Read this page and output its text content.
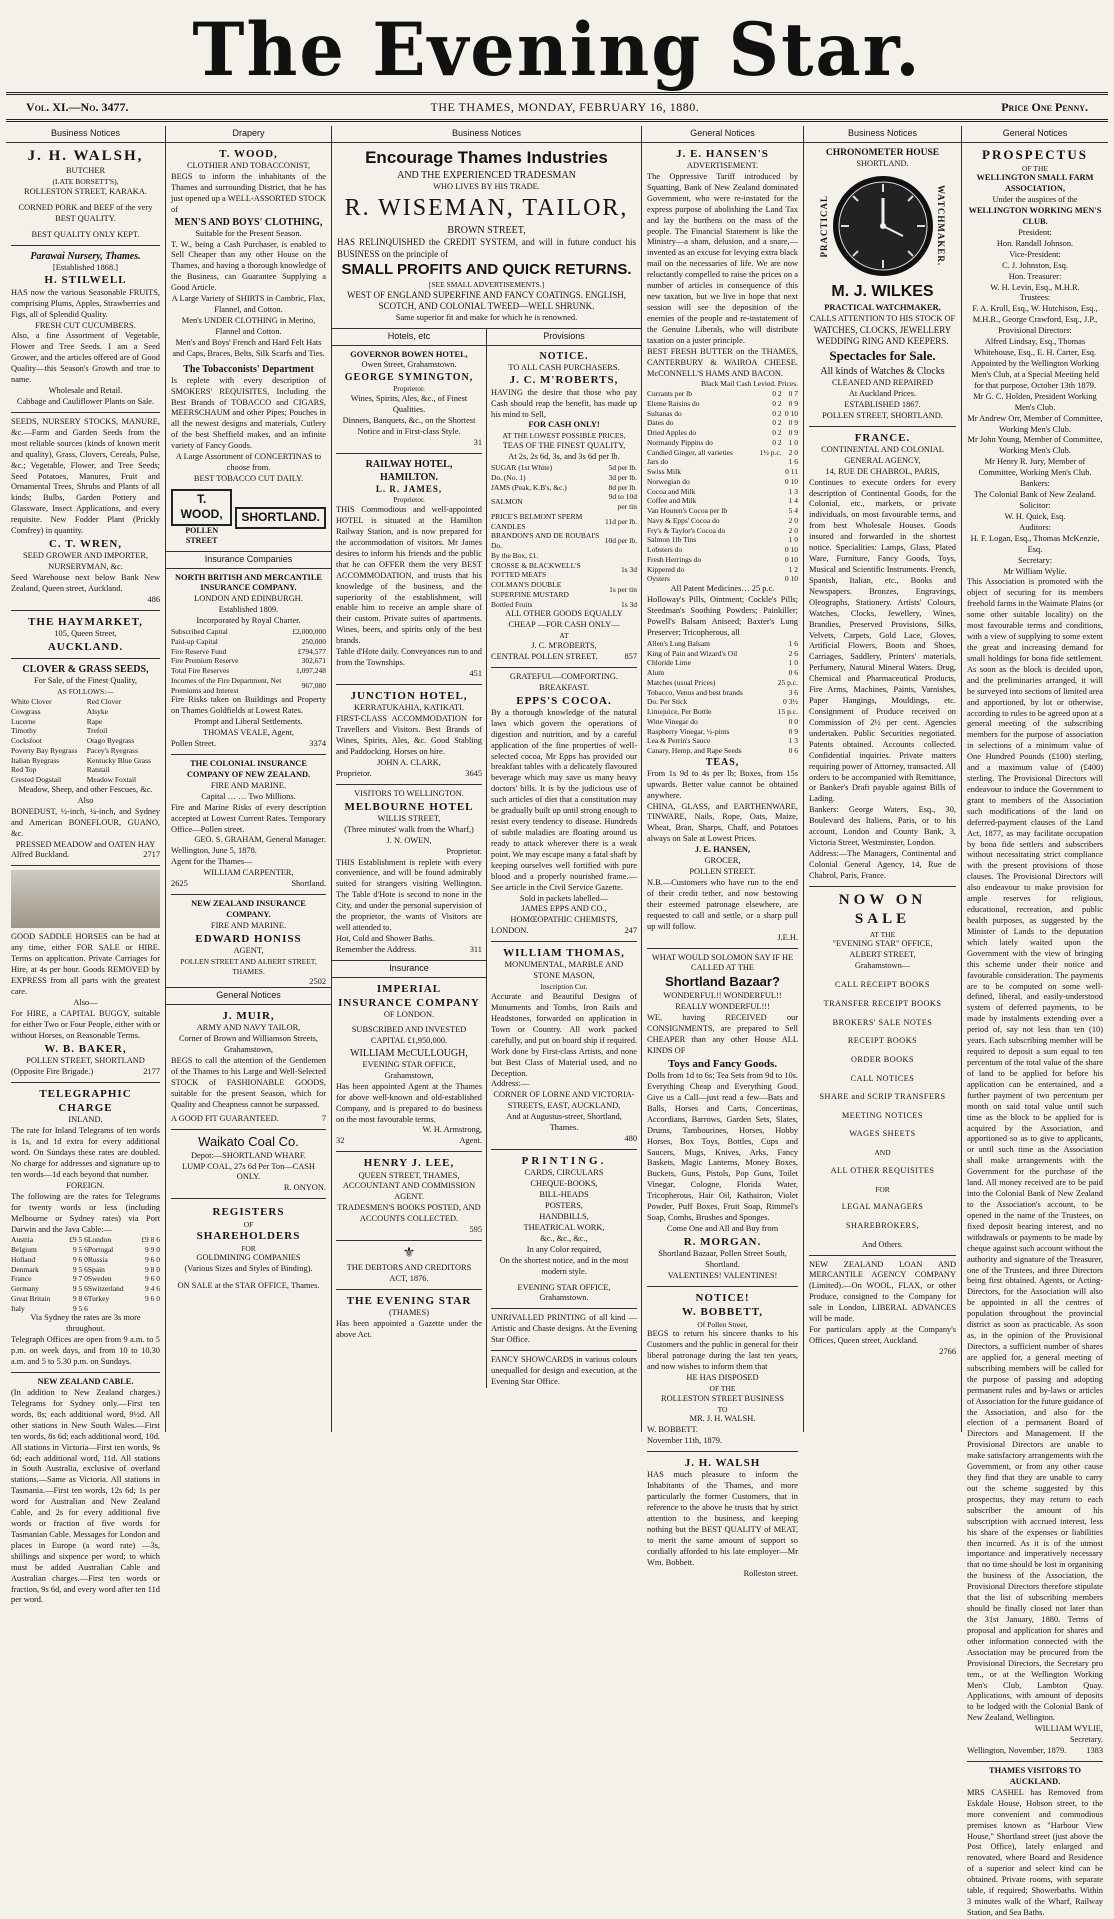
The Evening Star.
Vol. XI.—No. 3477.	THE THAMES, MONDAY, FEBRUARY 16, 1880.	Price One Penny.
Business Notices
J. H. WALSH,
BUTCHER
(LATE BORSETT'S),
ROLLESTON STREET, KARAKA.
CORNED PORK and BEEF of the very BEST QUALITY.
BEST QUALITY ONLY KEPT.
Parawai Nursery, Thames.
[Established 1868.]
H. STILWELL
HAS now the various Seasonable FRUITS, comprising Plums, Apples, Strawberries and Figs, all of Splendid Quality.
FRESH CUT CUCUMBERS.
Also, a fine Assortment of Vegetable, Flower and Tree Seeds. I am a Seed Grower, and the articles offered are of Good Quality—this Season's Growth and true to name.
Wholesale and Retail.
Cabbage and Cauliflower Plants on Sale.
SEEDS, NURSERY STOCKS, MANURE, &c.—Farm and Garden Seeds from the most reliable sources (kinds of known merit and quality), Grass, Clovers, Cereals, Pulse, &c.; Vegetable, Flower, and Tree Seeds; Seed Potatoes, Manures, Fruit and Ornamental Trees, Shrubs and Plants of all kinds; Bulbs, Garden Pottery and Glassware, Insect Applications, and every requisite. New Fodder Plant (Prickly Comfrey) in quantity.
C. T. WREN,
SEED GROWER AND IMPORTER, NURSERYMAN, &c.
Seed Warehouse next below Bank New Zealand, Queen street, Auckland.
486
THE HAYMARKET,
105, Queen Street,
AUCKLAND.
CLOVER & GRASS SEEDS,
For Sale, of the Finest Quality,
AS FOLLOWS:—
White Clover	Red Clover
Cowgrass	Alsyke
Lucerne	Rape
Timothy	Trefoil
Cocksfoot	Otago Ryegrass
Poverty Bay Ryegrass	Pacey's Ryegrass
Italian Ryegrass	Kentucky Blue Grass
Red Top	Ratstail
Crested Dogstail	Meadow Foxtail
Meadow, Sheep, and other Fescues, &c.
Also
BONEDUST, ½-inch, ¼-inch, and Sydney and American BONEFLOUR, GUANO, &c.
PRESSED MEADOW and OATEN HAY
Alfred Buckland.	2717
GOOD SADDLE HORSES can be had at any time, either FOR SALE or HIRE. Terms on application. Private Carriages for Hire, at 4s per hour. Goods REMOVED by EXPRESS from all parts with the greatest care.
Also—
For HIRE, a CAPITAL BUGGY, suitable for either Two or Four People, either with or without Horses, on Reasonable Terms.
W. B. BAKER,
POLLEN STREET, SHORTLAND
(Opposite Fire Brigade.)	2177
TELEGRAPHIC CHARGE
INLAND.
The rate for Inland Telegrams of ten words is 1s, and 1d extra for every additional word. On Sundays these rates are doubled. No charge for addresses and signature up to ten words—1d each beyond that number.
FOREIGN.
The following are the rates for Telegrams for twenty words or less (including Melbourne or Sydney rates) via Port Darwin and the Java Cable:—
Austria	£9 5 6	London	£9 8 6
Belgium	9 5 6	Portugal	9 9 0
Holland	9 6 0	Russia	9 6 0
Denmark	9 5 6	Spain	9 8 0
France	9 7 0	Sweden	9 6 0
Germany	9 5 6	Switzerland	9 4 6
Great Britain	9 8 6	Turkey	9 6 0
Italy	9 5 6		
Via Sydney the rates are 3s more throughout.
Telegraph Offices are open from 9 a.m. to 5 p.m. on week days, and from 10 to 10.30 a.m. and 5 to 5.30 p.m. on Sundays.
NEW ZEALAND CABLE.
(In addition to New Zealand charges.) Telegrams for Sydney only.—First ten words, 8s; each additional word, 9½d. All other stations in New South Wales.—First ten words, 8s 6d; each additional word, 10d. All stations in Victoria—First ten words, 9s 6d; each additional word, 11d. All stations in South Australia, exclusive of overland stations.—Same as Victoria. All stations in Tasmania.—First ten words, 12s 6d; 1s per word for Australian and New Zealand Cable, and 2s for every additional five words or fraction of five words for Tasmanian Cable. Messages for London and places in Europe (a word rate) —3s, shillings and sixpence per word; to which must be added Australian Cable and Australian charges.—First ten words or fraction, 9s 6d, and every word after ten 11d per word.
Drapery
T. WOOD,
CLOTHIER AND TOBACCONIST,
BEGS to inform the inhabitants of the Thames and surrounding District, that he has just opened up a WELL-ASSORTED STOCK of
MEN'S AND BOYS' CLOTHING,
Suitable for the Present Season.
T. W., being a Cash Purchaser, is enabled to Sell Cheaper than any other House on the Thames, and having a thorough knowledge of the Business, can Guarantee Supplying a Good Article.
A Large Variety of SHIRTS in Cambric, Flax, Flannel, and Cotton.
Men's UNDER CLOTHING in Merino, Flannel and Cotton.
Men's and Boys' French and Hard Felt Hats and Caps, Braces, Belts, Silk Scarfs and Ties.
The Tobacconists' Department
Is replete with every description of SMOKERS' REQUISITES, Including the Best Brands of TOBACCO and CIGARS, MEERSCHAUM and other Pipes; Pouches in all the newest designs and materials, Cutlery of the best Sheffield makes, and an infinite variety of Fancy Goods.
A Large Assortment of CONCERTINAS to choose from.
BEST TOBACCO CUT DAILY.
T. WOOD,
POLLEN STREET
SHORTLAND.
Insurance Companies
NORTH BRITISH AND MERCANTILE INSURANCE COMPANY.
LONDON AND EDINBURGH.
Established 1809.
Incorporated by Royal Charter.
Subscribed Capital	£2,000,000
Paid-up Capital	250,000
Fire Reserve Fund	£794,577
Fire Premium Reserve	302,671
Total Fire Reserves	1,097,248
Incomes of the Fire Department, Net Premiums and Interest	967,080
Fire Risks taken on Buildings and Property on Thames Goldfields at Lowest Rates.
Prompt and Liberal Settlements.
THOMAS VEALE, Agent,
Pollen Street.	3374
THE COLONIAL INSURANCE COMPANY OF NEW ZEALAND.
FIRE AND MARINE.
Capital … … Two Millions.
Fire and Marine Risks of every description accepted at Lowest Current Rates. Temporary Office—Pollen street.
GEO. S. GRAHAM, General Manager.
Wellington, June 5, 1878.
Agent for the Thames—
WILLIAM CARPENTER,
2625	Shortland.
NEW ZEALAND INSURANCE COMPANY.
FIRE AND MARINE.
EDWARD HONISS
AGENT,
POLLEN STREET AND ALBERT STREET, THAMES.
2502
General Notices
J. MUIR,
ARMY AND NAVY TAILOR,
Corner of Brown and Williamson Streets, Grahamstown,
BEGS to call the attention of the Gentlemen of the Thames to his Large and Well-Selected STOCK of FASHIONABLE GOODS, suitable for the present Season, which for Quality and Cheapness cannot be surpassed.
A GOOD FIT GUARANTEED.	7
Waikato Coal Co.
Depot:—SHORTLAND WHARF.
LUMP COAL, 27s 6d Per Ton—CASH ONLY.
R. ONYON.
REGISTERS
OF
SHAREHOLDERS
FOR
GOLDMINING COMPANIES
(Various Sizes and Styles of Binding).
ON SALE at the STAR OFFICE, Thames.
Business Notices
Encourage Thames Industries
AND THE EXPERIENCED TRADESMAN
WHO LIVES BY HIS TRADE.
R. WISEMAN, TAILOR,
BROWN STREET,
HAS RELINQUISHED the CREDIT SYSTEM, and will in future conduct his BUSINESS on the principle of
SMALL PROFITS AND QUICK RETURNS.
[SEE SMALL ADVERTISEMENTS.]
WEST OF ENGLAND SUPERFINE AND FANCY COATINGS. ENGLISH, SCOTCH, AND COLONIAL TWEED—WELL SHRUNK.
Same superior fit and make for which he is renowned.
Hotels, etc
GOVERNOR BOWEN HOTEL,
Owen Street, Grahamstown.
GEORGE SYMINGTON,
Proprietor.
Wines, Spirits, Ales, &c., of Finest Qualities.
Dinners, Banquets, &c., on the Shortest Notice and in First-class Style.
31
RAILWAY HOTEL, HAMILTON.
L. R. JAMES,
Proprietor.
THIS Commodious and well-appointed HOTEL is situated at the Hamilton Railway Station, and is now prepared for the accommodation of visitors. Mr James desires to inform his friends and the public that he can OFFER them the very BEST ACCOMMODATION, and trusts that his knowledge of the business, and the superiority of the establishment, will enable him to receive an ample share of their custom. Private suites of apartments. Wines, beers, and spirits only of the best brands.
Table d'Hote daily. Conveyances run to and from the Townships.
451
JUNCTION HOTEL,
KERRATUKAHIA, KATIKATI.
FIRST-CLASS ACCOMMODATION for Travellers and Visitors. Best Brands of Wines, Spirits, Ales, &c. Good Stabling and Paddocking. Horses on hire.
JOHN A. CLARK,
Proprietor.	3645
VISITORS TO WELLINGTON.
MELBOURNE HOTEL
WILLIS STREET,
(Three minutes' walk from the Wharf,)
J. N. OWEN,
Proprietor.
THIS Establishment is replete with every convenience, and will be found admirably suited for strangers visiting Wellington. The Table d'Hote is second to none in the City, and under the personal supervision of the proprietor, the wants of Visitors are well attended to.
Hot, Cold and Shower Baths.
Remember the Address.	311
Insurance
IMPERIAL
INSURANCE COMPANY
OF LONDON.
SUBSCRIBED AND INVESTED
CAPITAL £1,950,000.
WILLIAM McCULLOUGH,
EVENING STAR OFFICE,
Grahamstown,
Has been appointed Agent at the Thames for above well-known and old-established Company, and is prepared to do business on the most favourable terms.
W. H. Armstrong,
32	Agent.
HENRY J. LEE,
QUEEN STREET, THAMES,
ACCOUNTANT AND COMMISSION AGENT.
TRADESMEN'S BOOKS POSTED, AND ACCOUNTS COLLECTED.
595
⚜
THE DEBTORS AND CREDITORS
ACT, 1876.
THE EVENING STAR
(THAMES)
Has been appointed a Gazette under the above Act.
Provisions
NOTICE.
TO ALL CASH PURCHASERS.
J. C. M'ROBERTS,
HAVING the desire that those who pay Cash should reap the benefit, has made up his mind to Sell,
FOR CASH ONLY!
AT THE LOWEST POSSIBLE PRICES,
TEAS OF THE FINEST QUALITY,
At 2s, 2s 6d, 3s, and 3s 6d per lb.
SUGAR (1st White)	5d per lb.
Do. (No. 1)	3d per lb.
JAMS (Peak, K.B's, &c.)	8d per lb.
SALMON	9d to 10d per tin
PRICE'S BELMONT SPERM CANDLES	11d per lb.
BRANDON'S AND DE ROUBAI'S Do.	10d per lb.
By the Box, £1.	
CROSSE & BLACKWELL'S POTTED MEATS	1s 3d
COLMAN'S DOUBLE SUPERFINE MUSTARD	1s per tin
Bottled Fruits	1s 3d
ALL OTHER GOODS EQUALLY CHEAP —FOR CASH ONLY—
AT
J. C. M'ROBERTS,
CENTRAL POLLEN STREET.	857
GRATEFUL—COMFORTING.
BREAKFAST.
EPPS'S COCOA.
By a thorough knowledge of the natural laws which govern the operations of digestion and nutrition, and by a careful application of the fine properties of well-selected cocoa, Mr Epps has provided our breakfast tables with a delicately flavoured beverage which may save us many heavy doctors' bills. It is by the judicious use of such articles of diet that a constitution may be gradually built up until strong enough to resist every tendency to disease. Hundreds of subtle maladies are floating around us ready to attack wherever there is a weak point. We may escape many a fatal shaft by keeping ourselves well fortified with pure blood and a properly nourished frame.—See article in the Civil Service Gazette.
Sold in packets labelled—
JAMES EPPS AND CO.,
HOMŒOPATHIC CHEMISTS,
LONDON.	247
WILLIAM THOMAS,
MONUMENTAL, MARBLE AND STONE MASON,
Inscription Cut.
Accurate and Beautiful Designs of Monuments and Tombs, Iron Rails and Headstones, forwarded on application in Town or Country. All work packed carefully, and put on board ship if required. Work done by First-class Artists, and none but Best Class of Material used, and no Deception.
Address:—
CORNER OF LORNE AND VICTORIA-STREETS, EAST, AUCKLAND,
And at Augustus-street, Shortland, Thames.
480
PRINTING.
CARDS, CIRCULARS
CHEQUE-BOOKS,
BILL-HEADS
POSTERS,
HANDBILLS,
THEATRICAL WORK,
&c., &c., &c.,
In any Color required,
On the shortest notice, and in the most
modern style.
EVENING STAR OFFICE,
Grahamstown.
UNRIVALLED PRINTING of all kind —Artistic and Chaste designs. At the Evening Star Office.
FANCY SHOWCARDS in various colours unequalled for design and execution, at the Evening Star Office.
General Notices
J. E. HANSEN'S
ADVERTISEMENT.
The Oppressive Tariff introduced by Squatting, Bank of New Zealand dominated Government, who were re-instated for the express purpose of abolishing the Land Tax and lay the burthens on the mass of the people. The Financial Statement is like the Ministry—a sham, delusion, and a snare,—invented as an excuse for levying extra black mail on the necessaries of life. We are now reluctantly compelled to raise the prices on a number of articles in consequence of this new taxation, but we live in hope that next session will see the deposition of the enemies of the people and re-instatement of the Genuine Liberals, who will distribute taxation on a juster principle.
BEST FRESH BUTTER on the THAMES, CANTERBURY & WAIROA CHEESE. McCONNELL'S HAMS AND BACON.
Black Mail Cash Levied. Prices.
Currants per lb	0 2	0 7
Eleme Raisins do	0 2	0 9
Sultanas do	0 2	0 10
Dates do	0 2	0 9
Dried Apples do	0 2	0 9
Normandy Pippins do	0 2	1 0
Candied Ginger, all varieties	1½ p.c.	2 0
Jars do		1 6
Swiss Milk		0 11
Norwegian do		0 10
Cocoa and Milk		1 3
Coffee and Milk		1 4
Van Houten's Cocoa per lb		5 4
Navy & Epps' Cocoa do		2 0
Fry's & Taylor's Cocoa do		2 0
Salmon 1lb Tins		1 0
Lobsters do		0 10
Fresh Herrings do		0 10
Kippered do		1 2
Oysters		0 10
All Patent Medicines… 25 p.c.
Holloway's Pills, Ointment; Cockle's Pills; Steedman's Soothing Powders; Painkiller; Powell's Balsam Aniseed; Baxter's Lung Preserver; Tricopherous, all
Allen's Lung Balsam	1 6
King of Pain and Wizard's Oil	2 6
Chloride Lime	1 0
Alum	0 6
Matches (usual Prices)	25 p.c.
Tobacco, Venus and best brands	3 6
Do. Per Stick	0 3½
Limejuice, Per Bottle	15 p.c.
Wine Vinegar do	0 0
Raspberry Vinegar, ½-pints	0 9
Lea & Perrin's Sauce	1 3
Canary, Hemp, and Rape Seeds	0 6
TEAS,
From 1s 9d to 4s per lb; Boxes, from 15s upwards. Better value cannot be obtained anywhere.
CHINA, GLASS, and EARTHENWARE, TINWARE, Nails, Rope, Oats, Maize, Wheat, Bran, Sharps, Chaff, and Potatoes always on Sale at Lowest Prices.
J. E. HANSEN,
GROCER,
POLLEN STREET.
N.B.—Customers who have run to the end of their credit tether, and now bestowing their esteemed patronage elsewhere, are requested to call and settle, or a sharp pull up will follow.
J.E.H.
WHAT WOULD SOLOMON SAY IF HE CALLED AT THE
Shortland Bazaar?
WONDERFUL!! WONDERFUL!! REALLY WONDERFUL!!!
WE, having RECEIVED our CONSIGNMENTS, are prepared to Sell CHEAPER than any other House ALL KINDS OF
Toys and Fancy Goods.
Dolls from 1d to 6s; Tea Sets from 9d to 10s. Everything Cheap and Everything Good. Give us a Call—just read a few—Bats and Balls, Horses and Carts, Concertinas, Accordians, Barrows, Garden Sets, Slates, Drums, Tambourines, Horses, Hobby Horses, Box Toys, Bottles, Cups and Saucers, Mugs, Knives, Arks, Fancy Baskets, Magic Lanterns, Money Boxes, Buckets, Guns, Pistols, Pop Guns, Toilet Vinegar, Cologne, Florida Water, Tricopherous, Hair Oil, Kathairon, Violet Powder, Puff Boxes, Fruit Soap, Rimmel's Soap, Combs, Brushes and Sponges.
Come One and All and Buy from
R. MORGAN.
Shortland Bazaar, Pollen Street South, Shortland.
VALENTINES! VALENTINES!
NOTICE!
W. BOBBETT,
Of Pollen Street,
BEGS to return his sincere thanks to his Customers and the public in general for their liberal patronage during the last ten years, and now wishes to inform them that
HE HAS DISPOSED
OF THE
ROLLESTON STREET BUSINESS
TO
MR. J. H. WALSH.
W. BOBBETT.
November 11th, 1879.
J. H. WALSH
HAS much pleasure to inform the Inhabitants of the Thames, and more particularly the former Customers, that in reference to the above he trusts that by strict attention to the business, and keeping nothing but the BEST QUALITY of MEAT, to merit the same amount of support so cordially afforded to his late employer—Mr Wm. Bobbett.
Rolleston street.
Business Notices
CHRONOMETER HOUSE
SHORTLAND.
PRACTICAL	WATCHMAKER.
M. J. WILKES
PRACTICAL WATCHMAKER,
CALLS ATTENTION TO HIS STOCK OF
WATCHES, CLOCKS, JEWELLERY WEDDING RING AND KEEPERS.
Spectacles for Sale.
All kinds of Watches & Clocks
CLEANED AND REPAIRED
At Auckland Prices.
ESTABLISHED 1867.
POLLEN STREET, SHORTLAND.
FRANCE.
CONTINENTAL AND COLONIAL GENERAL AGENCY,
14, RUE DE CHABROL, PARIS,
Continues to execute orders for every description of Continental Goods, for the Colonial, etc., markets, or private individuals, on most favourable terms, and from best Wholesale Houses. Goods insured and forwarded in the shortest notice. Specialities: Lamps, Glass, Plated Ware, Furniture, Fancy Goods, Toys, Musical and Scientific Instruments. French, Spanish, Italian, etc., Books and Newspapers. Bronzes, Engravings, Oleographs, Stationery. Artists' Colours, Watches, Clocks, Jewellery, Wines, Brandies, Preserved Provisions, Silks, Velvets, Carpets, Gold Lace, Gloves, Artificial Flowers, Boots and Shoes, Carriages, Saddlery, Printers' materials, Perfumery, Natural Mineral Waters. Drug, Chemical and Pharmaceutical Products, Fire Arms, Machines, Paints, Varnishes, Paper Hangings, Mouldings, etc. Consignment of Produce received on Commission of 2½ per cent. Agencies undertaken. Public Securities negotiated. Patents obtained. Accounts collected. Confidential inquiries. Private matters requiring power of Attorney, transacted. All orders to be accompanied with Remittance, or Banker's Draft payable against Bills of Lading.
Bankers: George Waters, Esq., 30, Boulevard des Italiens, Paris, or to his account, London and County Bank, 3, Victoria Street, Westminster, London.
Address:—The Managers, Continental and Colonial General Agency, 14, Rue de Chabrol, Paris, France.
NOW ON SALE
AT THE
"EVENING STAR" OFFICE,
ALBERT STREET,
Grahamstown—
CALL RECEIPT BOOKS
TRANSFER RECEIPT BOOKS
BROKERS' SALE NOTES
RECEIPT BOOKS
ORDER BOOKS
CALL NOTICES
SHARE and SCRIP TRANSFERS
MEETING NOTICES
WAGES SHEETS
AND
ALL OTHER REQUISITES
FOR
LEGAL MANAGERS
SHAREBROKERS,
And Others.
NEW ZEALAND LOAN AND MERCANTILE AGENCY COMPANY (Limited).—On WOOL, FLAX, or other Produce, consigned to the Company for sale in London, LIBERAL ADVANCES will be made.
For particulars apply at the Company's Offices, Queen street, Auckland.
2766
General Notices
PROSPECTUS
OF THE
WELLINGTON SMALL FARM ASSOCIATION,
Under the auspices of the
WELLINGTON WORKING MEN'S CLUB.
President:
Hon. Randall Johnson.
Vice-President:
C. J. Johnston, Esq.
Hon. Treasurer:
W. H. Levin, Esq., M.H.R.
Trustees:
F. A. Krull, Esq., W. Hutchison, Esq., M.H.R., George Crawford, Esq., J.P., Provisional Directors:
Alfred Lindsay, Esq., Thomas Whitehouse, Esq., E. H. Carter, Esq.
Appointed by the Wellington Working Men's Club, at a Special Meeting held for that purpose, October 13th 1879.
Mr G. C. Holden, President Working Men's Club.
Mr Andrew Orr, Member of Committee, Working Men's Club.
Mr John Young, Member of Committee, Working Men's Club.
Mr Henry R. Jury, Member of Committee, Working Men's Club.
Bankers:
The Colonial Bank of New Zealand.
Solicitor:
W. H. Quick, Esq.
Auditors:
H. F. Logan, Esq., Thomas McKenzie, Esq.
Secretary:
Mr William Wylie.
This Association is promoted with the object of securing for its members freehold farms in the Waimate Plains (or some other suitable locality) on the most favourable terms and conditions, with a view of supplying to some extent the great and increasing demand for small holdings for bona fide settlement. As soon as the block is decided upon, and the preliminaries arranged, it will be surveyed into sections of limited area and apportioned, by lot or otherwise, according to rules to be agreed upon at a general meeting of the subscribing members for the purpose of association in selections of a minimum value of One Hundred Pounds (£100) sterling, and a maximum value of (£400) sterling. The Provisional Directors will endeavour to induce the Government to grant to members of the Association such modifications of the land on deferred-payment clauses of the Land Act, 1877, as may facilitate occupation by bona fide settlers and subscribers without necessitating strict compliance with the present provisions of those clauses. The Provisional Directors will also endeavour to make provision for ample reserves for religious, educational, recreation, and public health purposes, as suggested by the Minister of Lands to the deputation which lately waited upon the Government with the view of bringing this scheme under their notice and favourable consideration. The payments are to be computed on some well-defined, liberal, and easily-understood system of deferred payments, to be made by instalments extending over a period of, say not less than ten (10) years. Each subscribing member will be required to deposit a sum equal to ten percentum of the total value of the share of land to be applied for before his application can be entertained, and a further payment of two percentum per month on said total value until such time as the block to be applied for is acquired by the Association, and apportioned so as to give to applicants, or until such time as the Association shall make arrangements with the Government for the purchase of the land. All money received are to be paid into the Colonial Bank of New Zealand to the Association's account, to be opened in the name of the Trustees, on fixed deposit bearing interest, and no withdrawals or payments to be made by cheque against such account without the authority and signature of the Treasurer, one of the Trustees, and three Directors being first obtained. Agents, or Acting-Directors, for the Association will also be appointed in all the centres of population throughout the provincial district as soon as practicable. As soon as, in the opinion of the Provisional Directors, a sufficient number of shares are applied for, a general meeting of subscribing members will be called for the purpose of passing and adopting permanent rules and by-laws or articles of Association for the future guidance of the Association, and also for the election of a permanent Board of Directors and Management. If the Provisional Directors are unable to make satisfactory arrangements with the Government, or from any other cause they find that they are unable to carry out the scheme suggested by this prospectus, they may return to each subscriber the amount of his subscription with accrued interest, less his share of the expenses or liabilities then incurred. As it is of the utmost importance and imperatively necessary that no time should be lost in organising the business of the Association, the Provisional Directors therefore stipulate that the list of subscribing members should be finally closed not later than the 31st January, 1880. Terms of proposal and application for shares and other information connected with the Association may be procured from the Provisional Directors, the Secretary pro tem., or at the Wellington Working Men's Club, Lambton Quay. Applications, with amount of deposits to be lodged with the Colonial Bank of New Zealand, Wellington.
WILLIAM WYLIE,
Secretary.
Wellington, November, 1879. 1383
THAMES VISITORS TO AUCKLAND.
MRS CASHEL has Removed from Eskdale House, Hobson street, to the more convenient and commodious premises known as "Harbour View House," Shortland street (just above the Post Office), lately enlarged and renovated, where Board and Residence of a superior and select kind can be obtained. Private rooms, with separate table, if required; Showerbaths. Within 3 minutes walk of the Wharf, Railway Station, and Sea Baths.
